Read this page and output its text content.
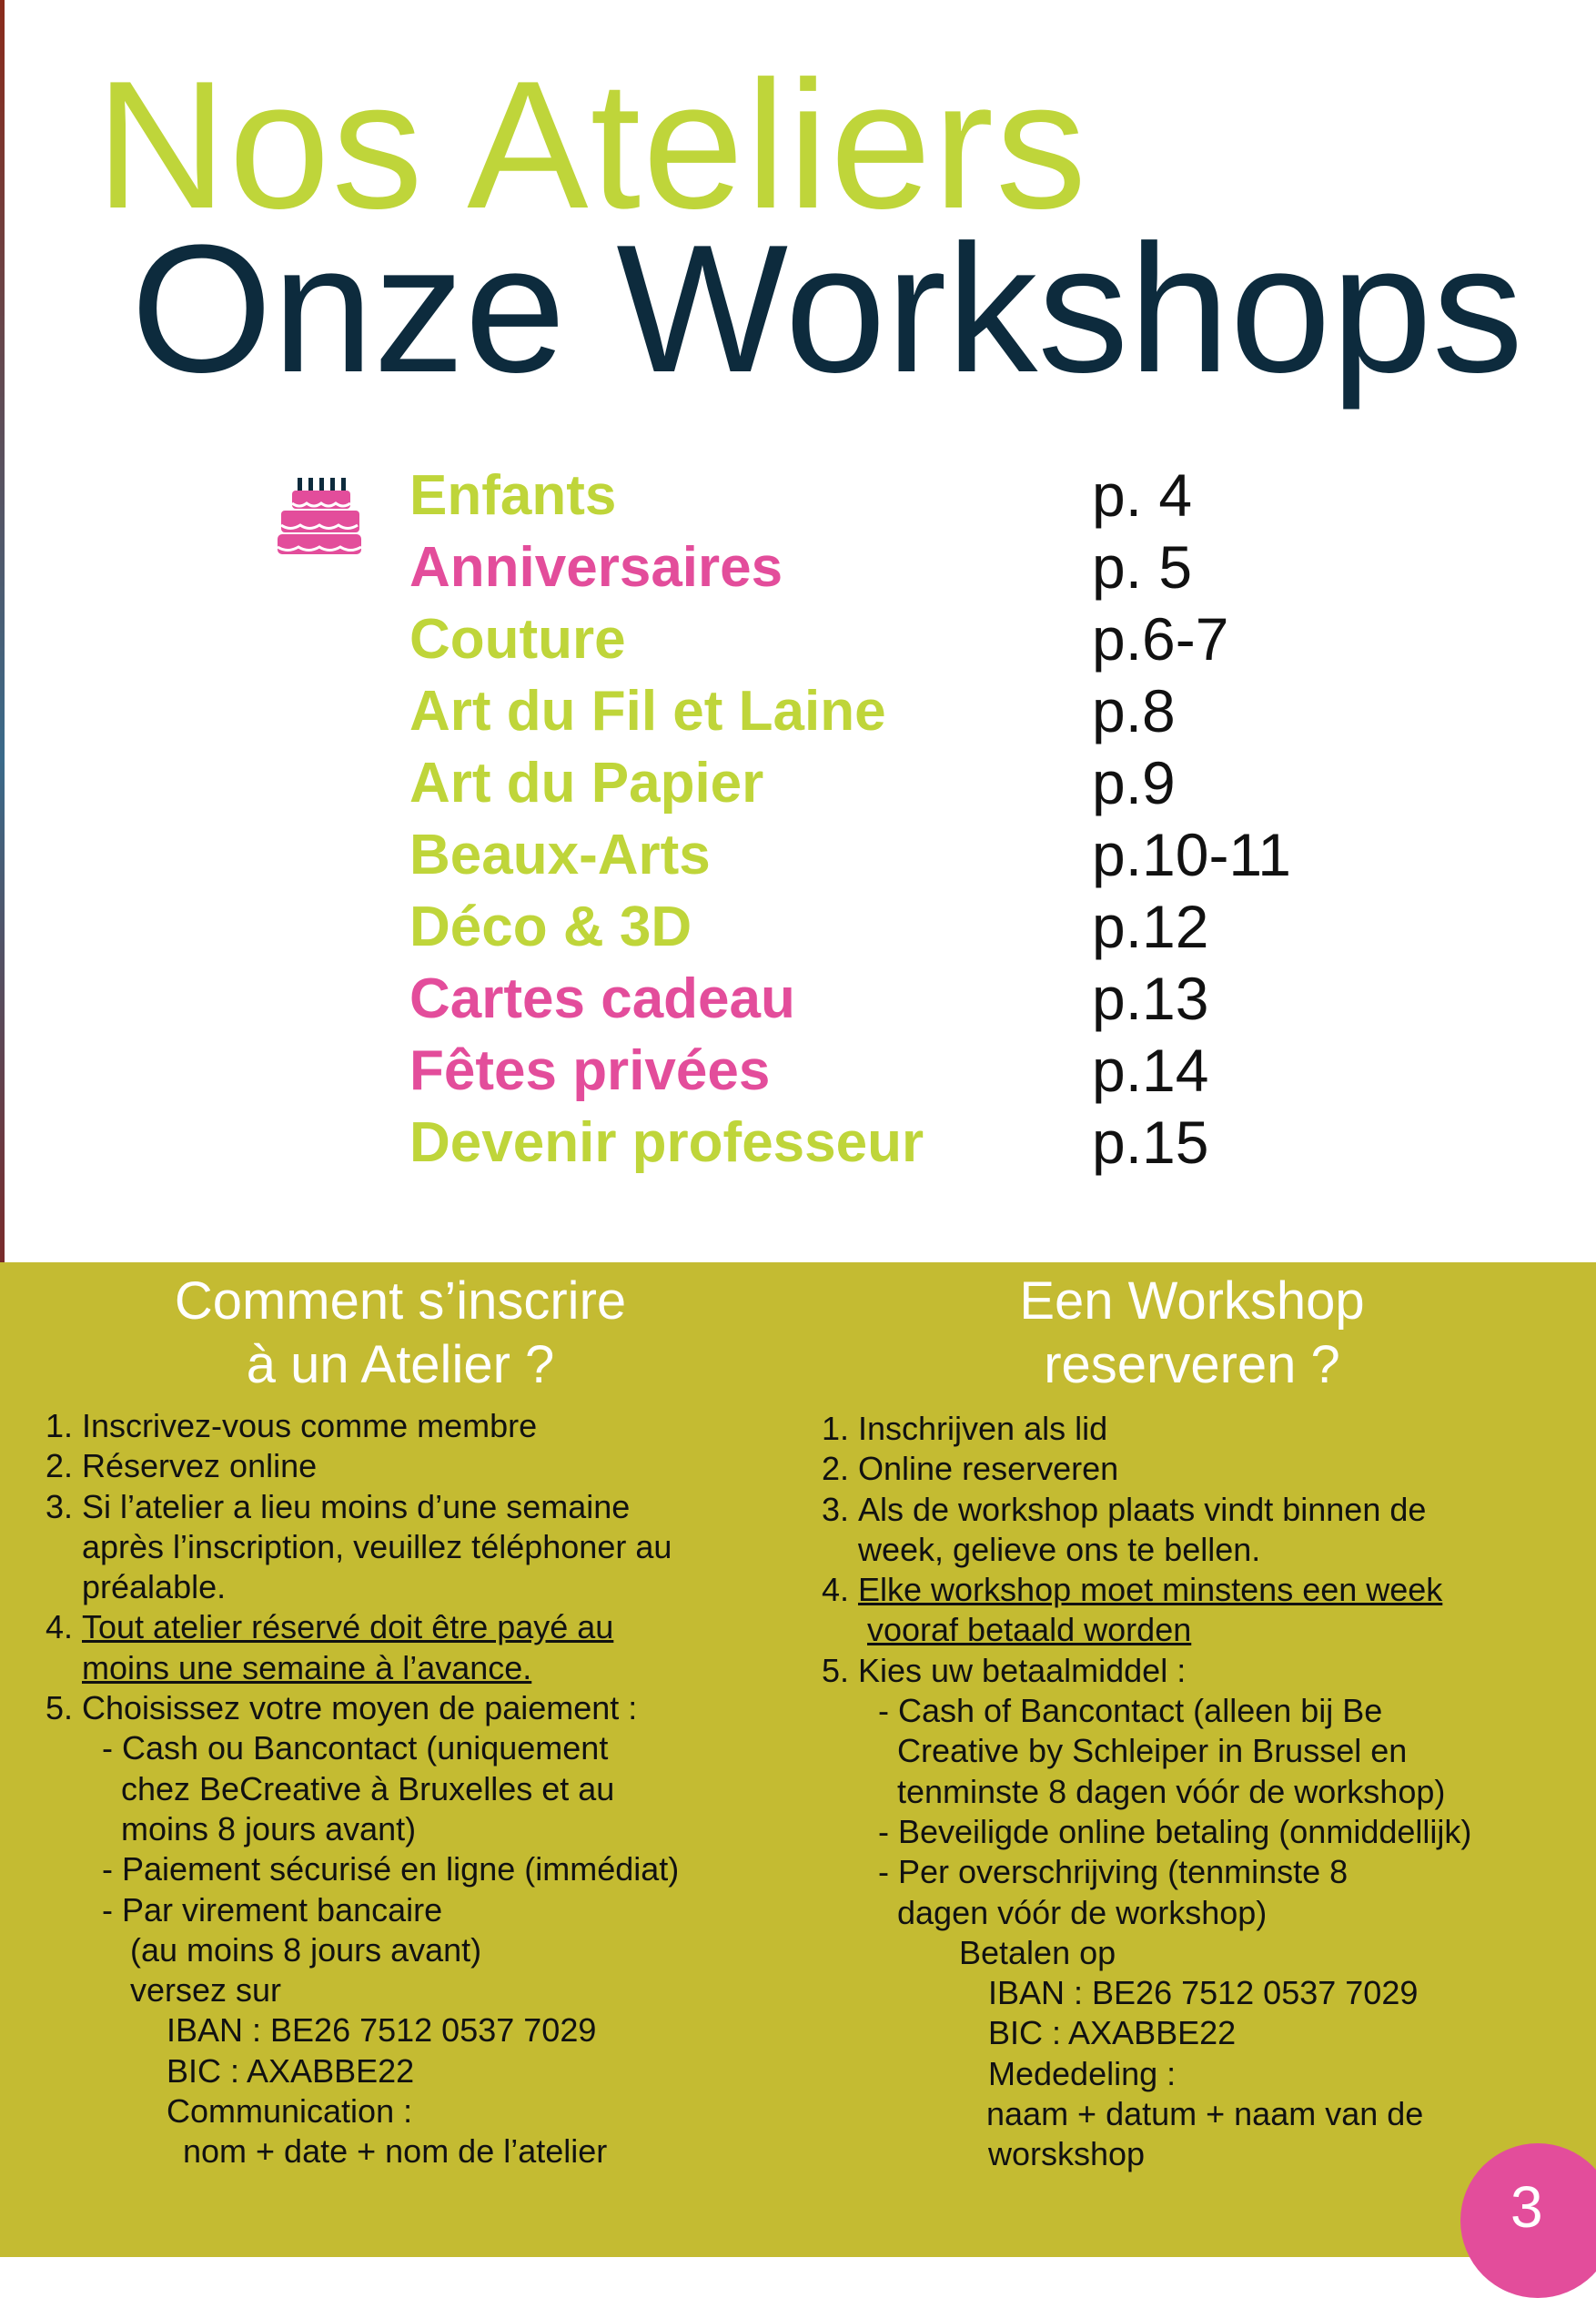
Nos Ateliers
Onze Workshops
Enfants	p. 4
Anniversaires	p. 5
Couture	p.6-7
Art du Fil et Laine	p.8
Art du Papier	p.9
Beaux-Arts	p.10-11
Déco & 3D	p.12
Cartes cadeau	p.13
Fêtes privées	p.14
Devenir professeur	p.15
Comment s’inscrire
à un Atelier ?
1. Inscrivez-vous comme membre
2. Réservez online
3. Si l’atelier a lieu moins d’une semaine
après l’inscription, veuillez téléphoner au
préalable.
4. Tout atelier réservé doit être payé au
moins une semaine à l’avance.
5. Choisissez votre moyen de paiement :
- Cash ou Bancontact (uniquement
chez BeCreative à Bruxelles et au
moins 8 jours avant)
- Paiement sécurisé en ligne (immédiat)
- Par virement bancaire
(au moins 8 jours avant)
versez sur
IBAN : BE26 7512 0537 7029
BIC : AXABBE22
Communication :
nom + date + nom de l’atelier
Een Workshop
reserveren ?
1. Inschrijven als lid
2. Online reserveren
3. Als de workshop plaats vindt binnen de
week, gelieve ons te bellen.
4. Elke workshop moet minstens een week
vooraf betaald worden
5. Kies uw betaalmiddel :
- Cash of Bancontact (alleen bij Be
Creative by Schleiper in Brussel en
tenminste 8 dagen vóór de workshop)
- Beveiligde online betaling (onmiddellijk)
- Per overschrijving (tenminste 8
dagen vóór de workshop)
Betalen op
IBAN : BE26 7512 0537 7029
BIC : AXABBE22
Mededeling :
naam + datum + naam van de
worskshop
3
